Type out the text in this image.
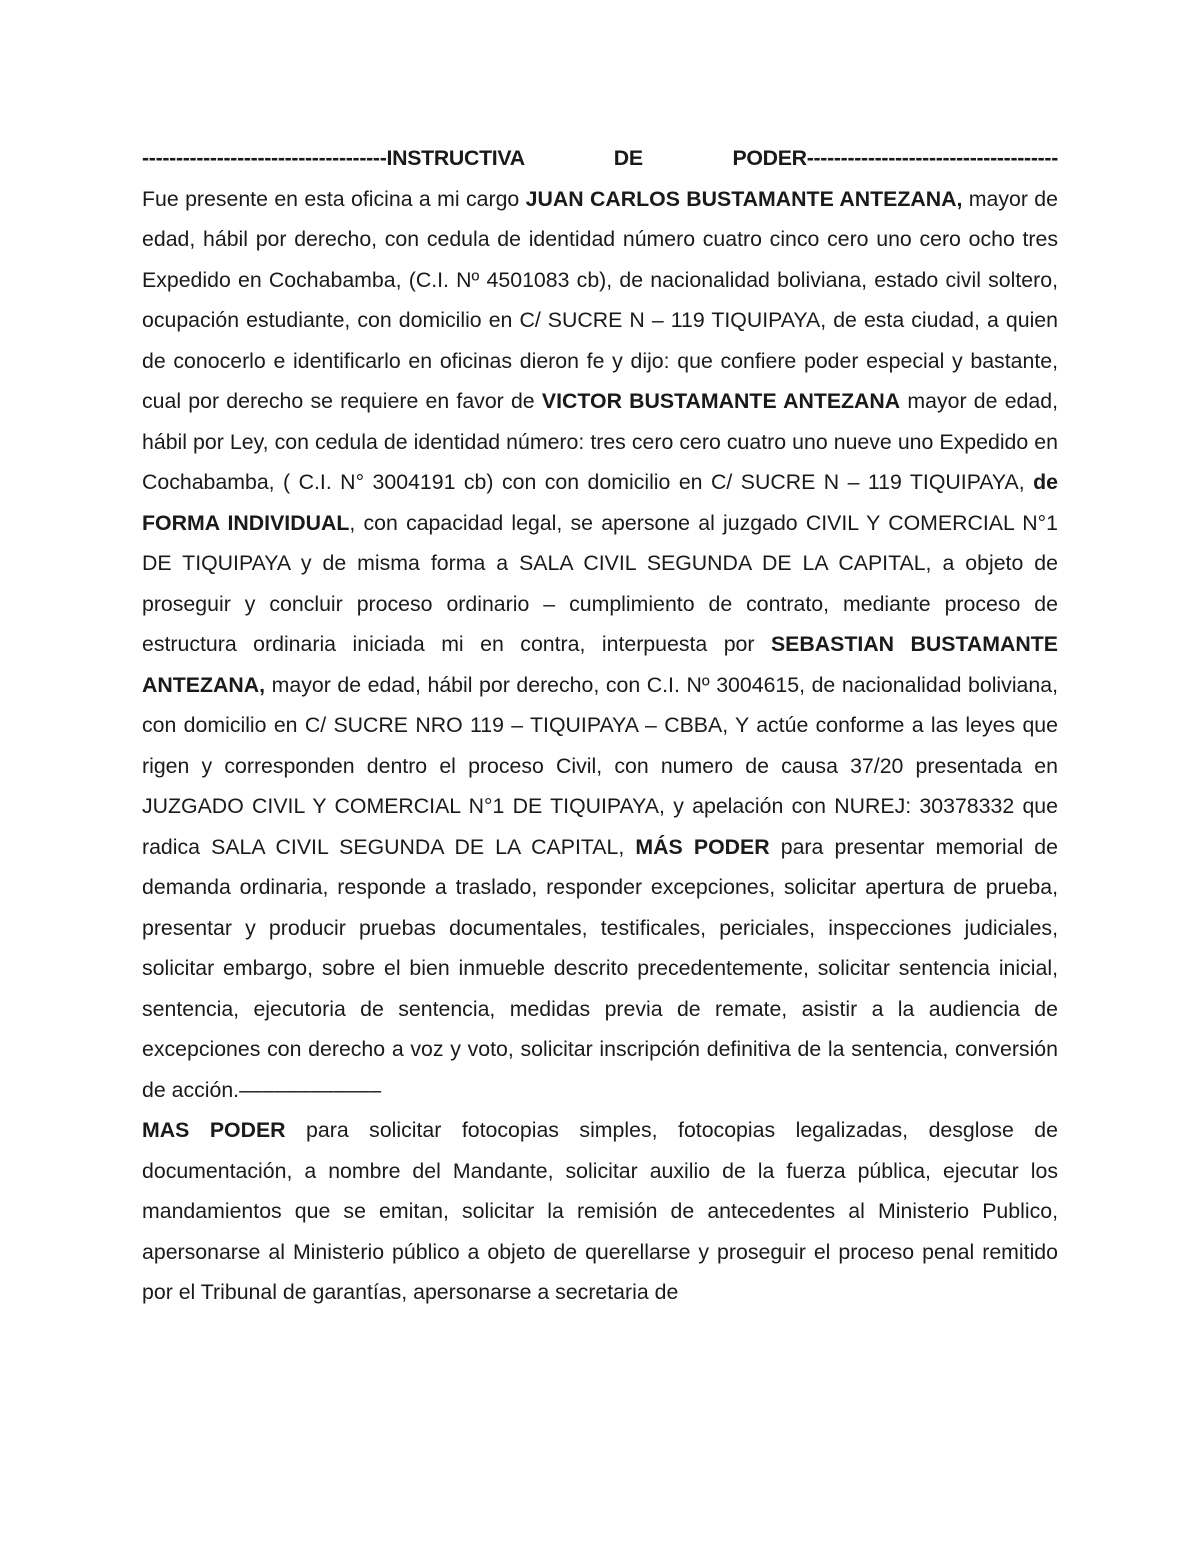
------------------------------------INSTRUCTIVA DE PODER-------------------------------------

Fue presente en esta oficina a mi cargo JUAN CARLOS BUSTAMANTE ANTEZANA, mayor de edad, hábil por derecho, con cedula de identidad número cuatro cinco cero uno cero ocho tres Expedido en Cochabamba, (C.I. Nº 4501083 cb), de nacionalidad boliviana, estado civil soltero, ocupación estudiante, con domicilio en C/ SUCRE N – 119 TIQUIPAYA, de esta ciudad, a quien de conocerlo e identificarlo en oficinas dieron fe y dijo: que confiere poder especial y bastante, cual por derecho se requiere en favor de VICTOR BUSTAMANTE ANTEZANA mayor de edad, hábil por Ley, con cedula de identidad número: tres cero cero cuatro uno nueve uno Expedido en Cochabamba, ( C.I. N° 3004191 cb) con con domicilio en C/ SUCRE N – 119 TIQUIPAYA, de FORMA INDIVIDUAL, con capacidad legal, se apersone al juzgado CIVIL Y COMERCIAL N°1 DE TIQUIPAYA y de misma forma a SALA CIVIL SEGUNDA DE LA CAPITAL, a objeto de proseguir y concluir proceso ordinario – cumplimiento de contrato, mediante proceso de estructura ordinaria iniciada mi en contra, interpuesta por SEBASTIAN BUSTAMANTE ANTEZANA, mayor de edad, hábil por derecho, con C.I. Nº 3004615, de nacionalidad boliviana, con domicilio en C/ SUCRE NRO 119 – TIQUIPAYA – CBBA, Y actúe conforme a las leyes que rigen y corresponden dentro el proceso Civil, con numero de causa 37/20 presentada en JUZGADO CIVIL Y COMERCIAL N°1 DE TIQUIPAYA, y apelación con NUREJ: 30378332 que radica SALA CIVIL SEGUNDA DE LA CAPITAL, MÁS PODER para presentar memorial de demanda ordinaria, responde a traslado, responder excepciones, solicitar apertura de prueba, presentar y producir pruebas documentales, testificales, periciales, inspecciones judiciales, solicitar embargo, sobre el bien inmueble descrito precedentemente, solicitar sentencia inicial, sentencia, ejecutoria de sentencia, medidas previa de remate, asistir a la audiencia de excepciones con derecho a voz y voto, solicitar inscripción definitiva de la sentencia, conversión de acción.––––––––––––

MAS PODER para solicitar fotocopias simples, fotocopias legalizadas, desglose de documentación, a nombre del Mandante, solicitar auxilio de la fuerza pública, ejecutar los mandamientos que se emitan, solicitar la remisión de antecedentes al Ministerio Publico, apersonarse al Ministerio público a objeto de querellarse y proseguir el proceso penal remitido por el Tribunal de garantías, apersonarse a secretaria de
